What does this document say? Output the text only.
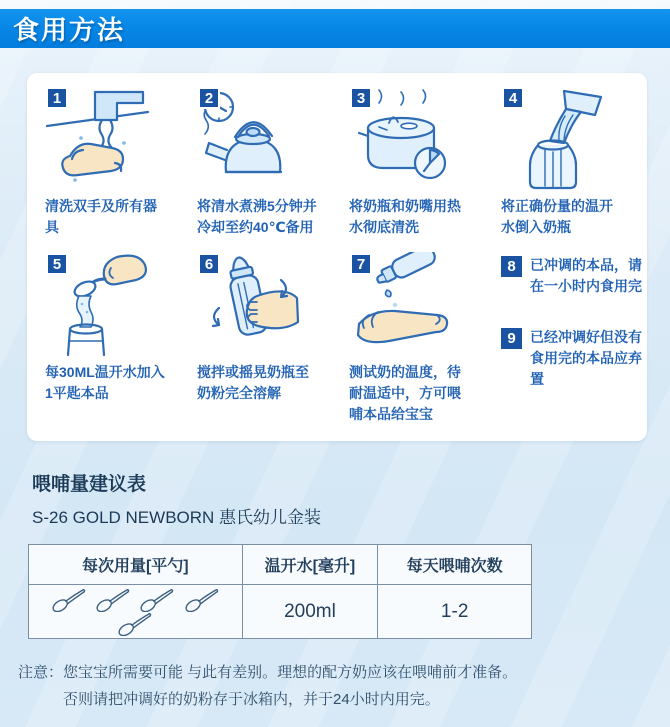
食用方法
1
清洗双手及所有器具
2
将清水煮沸5分钟并冷却至约40℃备用
3
将奶瓶和奶嘴用热水彻底清洗
4
将正确份量的温开水倒入奶瓶
5
每30ML温开水加入1平匙本品
6
搅拌或摇晃奶瓶至奶粉完全溶解
7
测试奶的温度，待耐温适中，方可喂哺本品给宝宝
8	已冲调的本品，请在一小时内食用完
9	已经冲调好但没有食用完的本品应弃置
喂哺量建议表
S-26 GOLD NEWBORN 惠氏幼儿金装
每次用量[平勺]	温开水[毫升]	每天喂哺次数
	200ml	1-2
注意： 您宝宝所需要可能 与此有差别。理想的配方奶应该在喂哺前才准备。
否则请把冲调好的奶粉存于冰箱内，并于24小时内用完。
